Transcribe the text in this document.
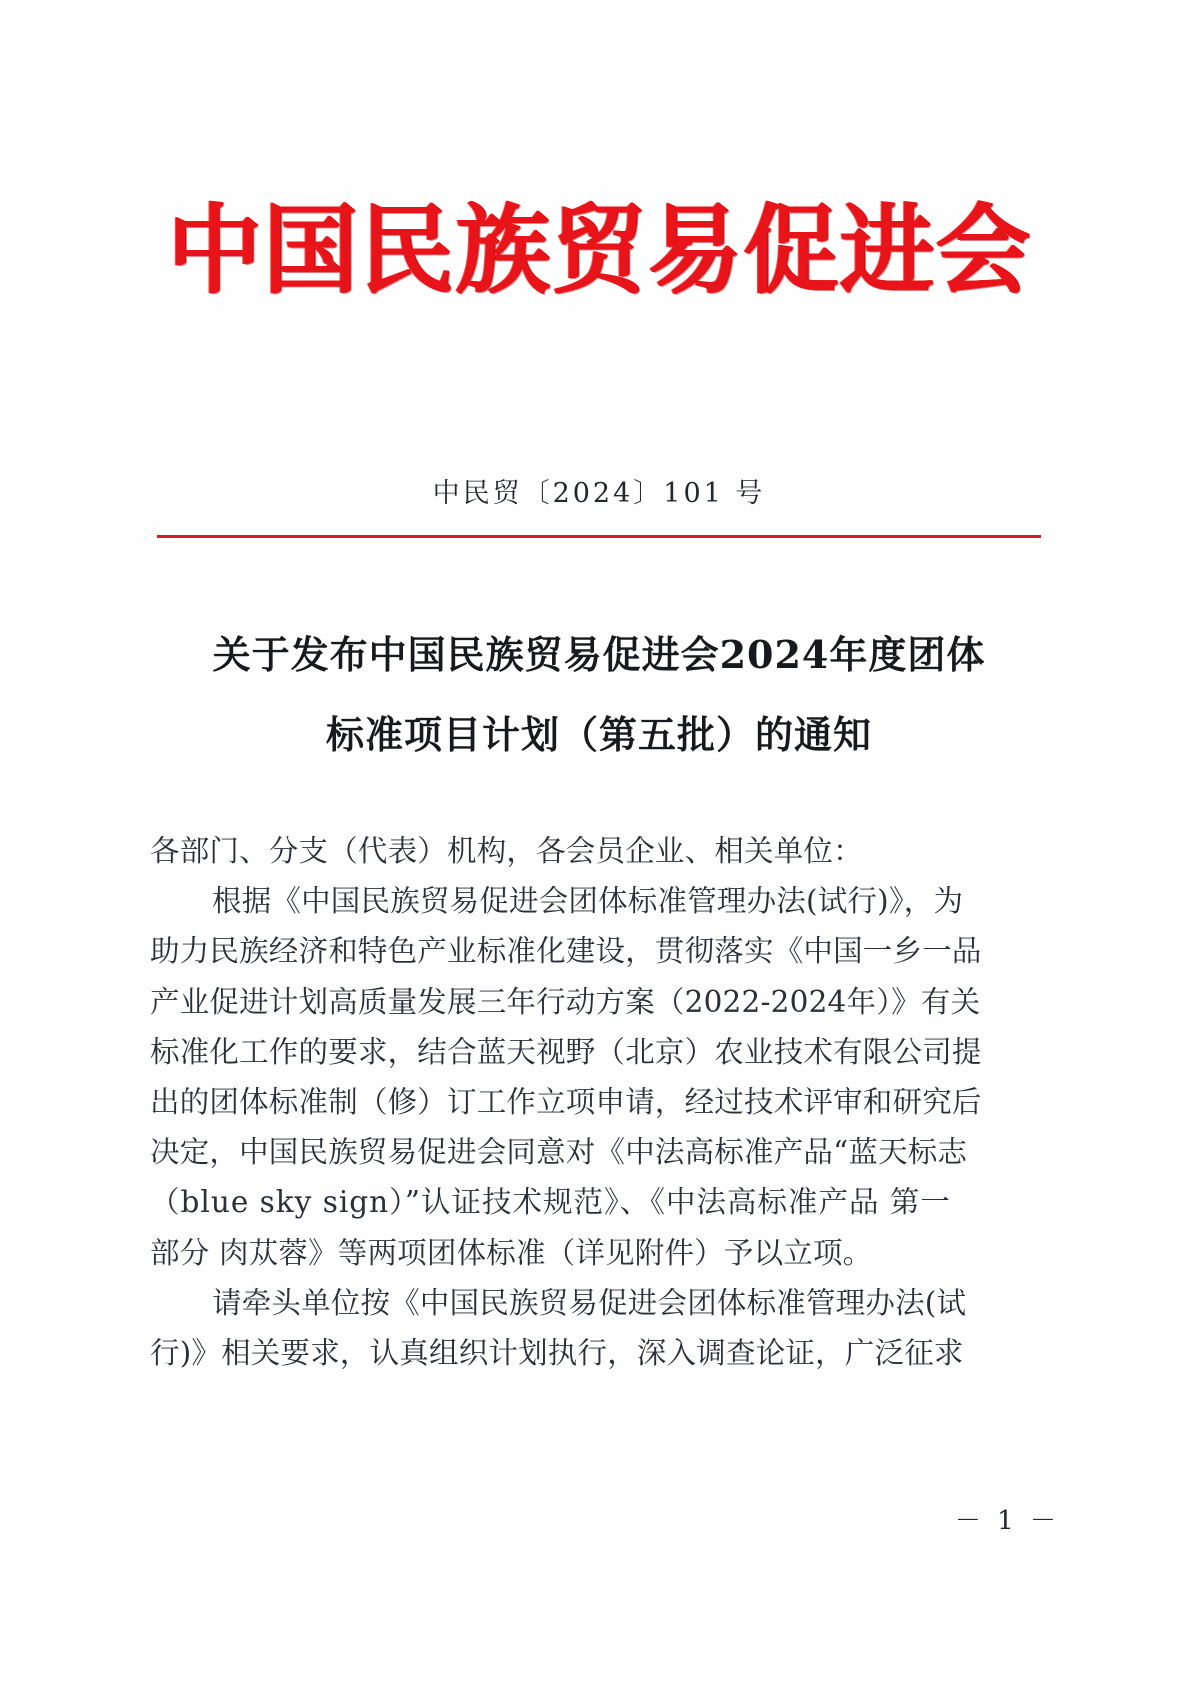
中国民族贸易促进会
中民贸〔2024〕101 号
关于发布中国民族贸易促进会2024年度团体
标准项目计划（第五批）的通知
各部门、分支（代表）机构，各会员企业、相关单位：
根据《中国民族贸易促进会团体标准管理办法(试行)》，为
助力民族经济和特色产业标准化建设，贯彻落实《中国一乡一品
产业促进计划高质量发展三年行动方案（2022-2024年）》有关
标准化工作的要求，结合蓝天视野（北京）农业技术有限公司提
出的团体标准制（修）订工作立项申请，经过技术评审和研究后
决定，中国民族贸易促进会同意对《中法高标准产品“蓝天标志
（blue sky sign）”认证技术规范》、《中法高标准产品 第一
部分 肉苁蓉》等两项团体标准（详见附件）予以立项。
请牵头单位按《中国民族贸易促进会团体标准管理办法(试
行)》相关要求，认真组织计划执行，深入调查论证，广泛征求
－ 1 －
